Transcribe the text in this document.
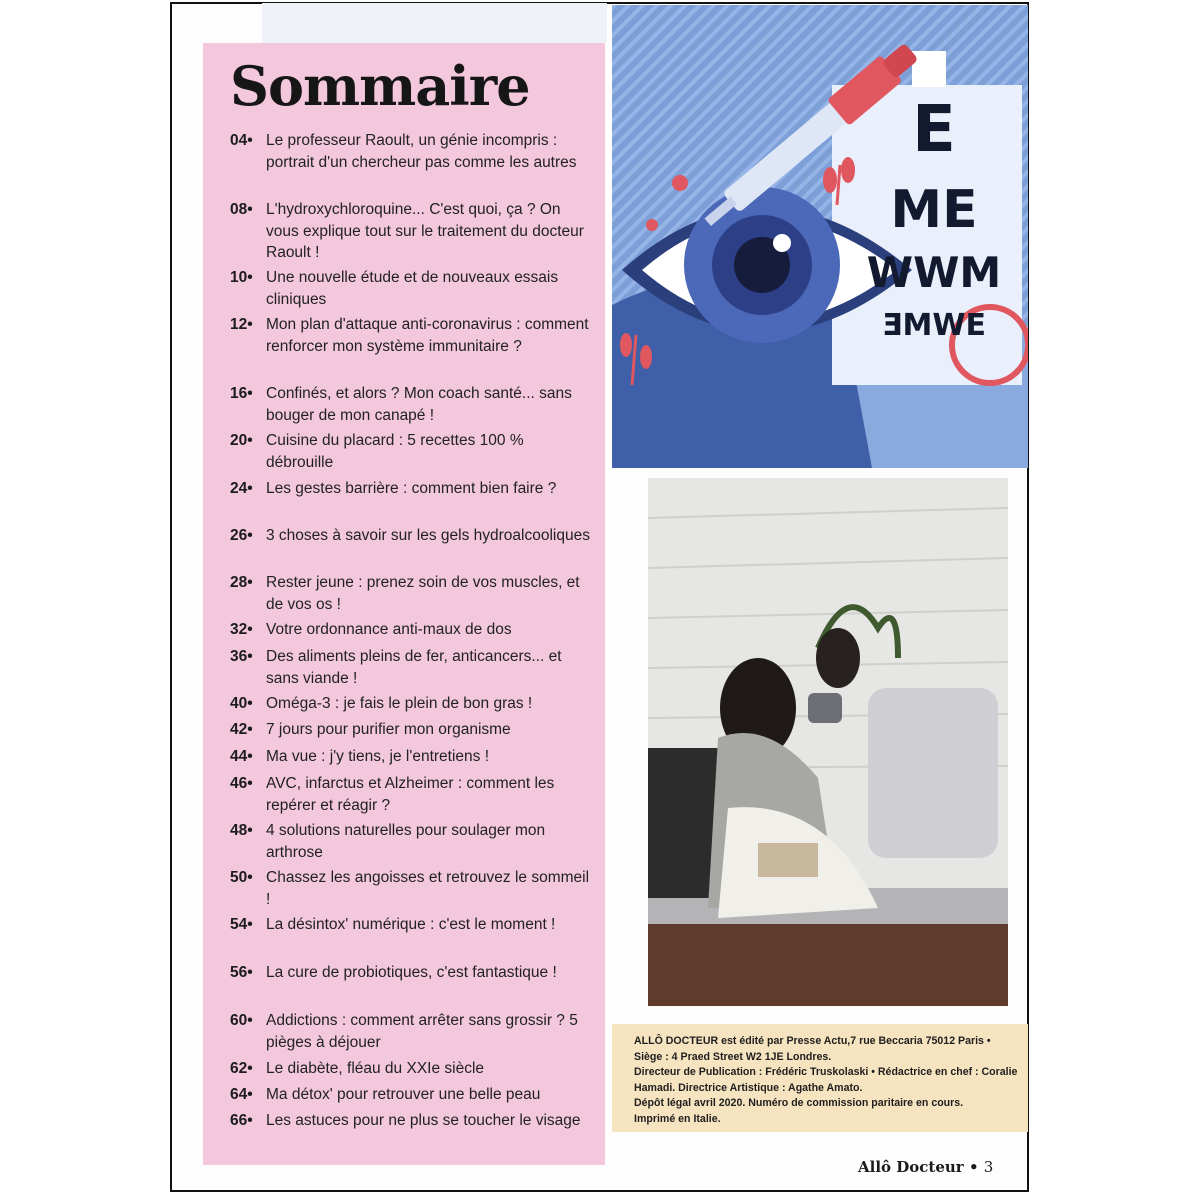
Sommaire
04• Le professeur Raoult, un génie incompris : portrait d'un chercheur pas comme les autres
08• L'hydroxychloroquine... C'est quoi, ça ? On vous explique tout sur le traitement du docteur Raoult !
10• Une nouvelle étude et de nouveaux essais cliniques
12• Mon plan d'attaque anti-coronavirus : comment renforcer mon système immunitaire ?
16• Confinés, et alors ? Mon coach santé... sans bouger de mon canapé !
20• Cuisine du placard : 5 recettes 100 % débrouille
24• Les gestes barrière : comment bien faire ?
26• 3 choses à savoir sur les gels hydroalcooliques
28• Rester jeune : prenez soin de vos muscles, et de vos os !
32• Votre ordonnance anti-maux de dos
36• Des aliments pleins de fer, anticancers... et sans viande !
40• Oméga-3 : je fais le plein de bon gras !
42• 7 jours pour purifier mon organisme
44• Ma vue : j'y tiens, je l'entretiens !
46• AVC, infarctus et Alzheimer : comment les repérer et réagir ?
48• 4 solutions naturelles pour soulager mon arthrose
50• Chassez les angoisses et retrouvez le sommeil !
54• La désintox' numérique : c'est le moment !
56• La cure de probiotiques, c'est fantastique !
60• Addictions : comment arrêter sans grossir ? 5 pièges à déjouer
62• Le diabète, fléau du XXIe siècle
64• Ma détox' pour retrouver une belle peau
66• Les astuces pour ne plus se toucher le visage
E
ME
WWM
ƎMWE
ALLÔ DOCTEUR est édité par Presse Actu,7 rue Beccaria 75012 Paris •
Siège : 4 Praed Street W2 1JE Londres.
Directeur de Publication : Frédéric Truskolaski • Rédactrice en chef : Coralie
Hamadi. Directrice Artistique : Agathe Amato.
Dépôt légal avril 2020. Numéro de commission paritaire en cours.
Imprimé en Italie.
Allô Docteur • 3
